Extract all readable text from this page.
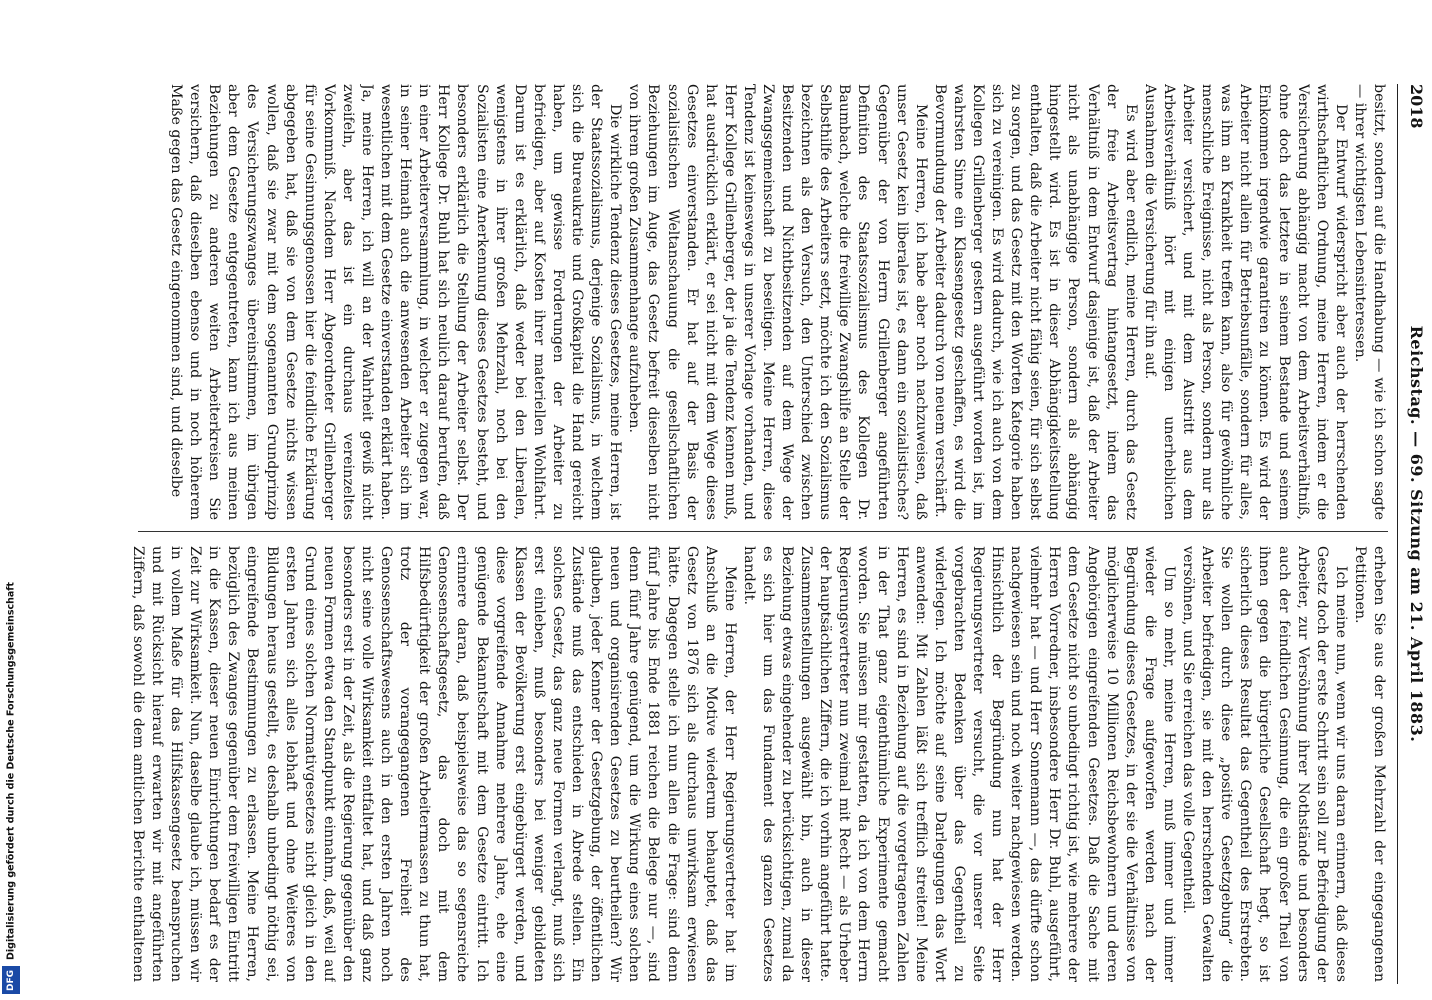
Digitalisierung gefördert durch die Deutsche Forschungsgemeinschaft
DFG
2018
Reichstag. — 69. Sitzung am 21. April 1883.

besitzt, sondern auf die Handhabung — wie ich schon sagte — ihrer wichtigsten Lebensinteressen.

Der Entwurf widerspricht aber auch der herrschenden wirthschaftlichen Ordnung, meine Herren, indem er die Versicherung abhängig macht von dem Arbeitsverhältniß, ohne doch das letztere in seinem Bestande und seinem Einkommen irgendwie garantiren zu können. Es wird der Arbeiter nicht allein für Betriebsunfälle, sondern für alles, was ihm an Krankheit treffen kann, also für gewöhnliche menschliche Ereignisse, nicht als Person, sondern nur als Arbeiter versichert, und mit dem Austritt aus dem Arbeitsverhältniß hört mit einigen unerheblichen Ausnahmen die Versicherung für ihn auf.

Es wird aber endlich, meine Herren, durch das Gesetz der freie Arbeitsvertrag hintangesetzt, indem das Verhältniß in dem Entwurf dasjenige ist, daß der Arbeiter nicht als unabhängige Person, sondern als abhängig hingestellt wird. Es ist in dieser Abhängigkeitsstellung enthalten, daß die Arbeiter nicht fähig seien, für sich selbst zu sorgen, und das Gesetz mit den Worten Kategorie haben sich zu vereinigen. Es wird dadurch, wie ich auch von dem Kollegen Grillenberger gestern ausgeführt worden ist, im wahrsten Sinne ein Klassengesetz geschaffen, es wird die Bevormundung der Arbeiter dadurch von neuem verschärft.

Meine Herren, ich habe aber noch nachzuweisen, daß unser Gesetz kein liberales ist, es dann ein sozialistisches? Gegenüber der von Herrn Grillenberger angeführten Definition des Staatssozialismus des Kollegen Dr. Baumbach, welche die freiwillige Zwangshilfe an Stelle der Selbsthilfe des Arbeiters setzt, möchte ich den Sozialismus bezeichnen als den Versuch, den Unterschied zwischen Besitzenden und Nichtbesitzenden auf dem Wege der Zwangsgemeinschaft zu beseitigen. Meine Herren, diese Tendenz ist keineswegs in unserer Vorlage vorhanden, und Herr Kollege Grillenberger, der ja die Tendenz kennen muß, hat ausdrücklich erklärt, er sei nicht mit dem Wege dieses Gesetzes einverstanden. Er hat auf der Basis der sozialistischen Weltanschauung die gesellschaftlichen Beziehungen im Auge, das Gesetz befreit dieselben nicht von ihrem großen Zusammenhange aufzuheben.

Die wirkliche Tendenz dieses Gesetzes, meine Herren, ist der Staatssozialismus, derjenige Sozialismus, in welchem sich die Bureaukratie und Großkapital die Hand gereicht haben, um gewisse Forderungen der Arbeiter zu befriedigen, aber auf Kosten ihrer materiellen Wohlfahrt. Darum ist es erklärlich, daß weder bei den Liberalen, wenigstens in ihrer großen Mehrzahl, noch bei den Sozialisten eine Anerkennung dieses Gesetzes besteht, und besonders erklärlich die Stellung der Arbeiter selbst. Der Herr Kollege Dr. Buhl hat sich neulich darauf berufen, daß in einer Arbeiterversammlung, in welcher er zugegen war, in seiner Heimath auch die anwesenden Arbeiter sich im wesentlichen mit dem Gesetze einverstanden erklärt haben. Ja, meine Herren, ich will an der Wahrheit gewiß nicht zweifeln, aber das ist ein durchaus vereinzeltes Vorkommniß. Nachdem Herr Abgeordneter Grillenberger für seine Gesinnungsgenossen hier die feindliche Erklärung abgegeben hat, daß sie von dem Gesetze nichts wissen wollen, daß sie zwar mit dem sogenannten Grundprinzip des Versicherungszwanges übereinstimmen, im übrigen aber dem Gesetze entgegentreten, kann ich aus meinen Beziehungen zu anderen weiten Arbeiterkreisen Sie versichern, daß dieselben ebenso und in noch höherem Maße gegen das Gesetz eingenommen sind, und dieselbe

erheben Sie aus der großen Mehrzahl der eingegangenen Petitionen.

Ich meine nun, wenn wir uns daran erinnern, daß dieses Gesetz doch der erste Schritt sein soll zur Befriedigung der Arbeiter, zur Versöhnung ihrer Nothstände und besonders auch der feindlichen Gesinnung, die ein großer Theil von ihnen gegen die bürgerliche Gesellschaft hegt, so ist sicherlich dieses Resultat das Gegentheil des Erstrebten. Sie wollen durch diese „positive Gesetzgebung“ die Arbeiter befriedigen, sie mit den herrschenden Gewalten versöhnen, und Sie erreichen das volle Gegentheil.

Um so mehr, meine Herren, muß immer und immer wieder die Frage aufgeworfen werden nach der Begründung dieses Gesetzes, in der sie die Verhältnisse von möglicherweise 10 Millionen Reichsbewohnern und deren Angehörigen eingreifenden Gesetzes. Daß die Sache mit dem Gesetze nicht so unbedingt richtig ist, wie mehrere der Herren Vorredner, insbesondere Herr Dr. Buhl, ausgeführt, vielmehr hat — und Herr Sonnemann —, das dürfte schon nachgewiesen sein und noch weiter nachgewiesen werden. Hinsichtlich der Begründung nun hat der Herr Regierungsvertreter versucht, die vor unserer Seite vorgebrachten Bedenken über das Gegentheil zu widerlegen. Ich möchte auf seine Darlegungen das Wort anwenden: Mit Zahlen läßt sich trefflich streiten! Meine Herren, es sind in Beziehung auf die vorgetragenen Zahlen in der That ganz eigenthümliche Experimente gemacht worden. Sie müssen mir gestatten, da ich von dem Herrn Regierungsvertreter nun zweimal mit Recht — als Urheber der hauptsächlichen Ziffern, die ich vorhin angeführt hatte. Zusammenstellungen ausgewählt bin, auch in dieser Beziehung etwas eingehender zu berücksichtigen, zumal da es sich hier um das Fundament des ganzen Gesetzes handelt.

Meine Herren, der Herr Regierungsvertreter hat im Anschluß an die Motive wiederum behauptet, daß das Gesetz von 1876 sich als durchaus unwirksam erwiesen hätte. Dagegen stelle ich nun allen die Frage: sind denn fünf Jahre bis Ende 1881 reichen die Belege nur —, sind denn fünf Jahre genügend, um die Wirkung eines solchen neuen und organisirenden Gesetzes zu beurtheilen? Wir glauben, jeder Kenner der Gesetzgebung, der öffentlichen Zustände muß das entschieden in Abrede stellen. Ein solches Gesetz, das ganz neue Formen verlangt, muß sich erst einleben, muß besonders bei weniger gebildeten Klassen der Bevölkerung erst eingebürgert werden, und diese vorgreifende Annahme mehrere Jahre, ehe eine genügende Bekanntschaft mit dem Gesetze eintritt. Ich erinnere daran, daß beispielsweise das so segensreiche Genossenschaftsgesetz, das doch mit dem Hilfsbedürftigkeit der großen Arbeitermassen zu thun hat, trotz der vorangegangenen Freiheit des Genossenschaftswesens auch in den ersten Jahren noch nicht seine volle Wirksamkeit entfaltet hat, und daß ganz besonders erst in der Zeit, als die Regierung gegenüber den neuen Formen etwa den Standpunkt einnahm, daß, weil auf Grund eines solchen Normativgesetzes nicht gleich in den ersten Jahren sich alles lebhaft und ohne Weiteres von Bildungen heraus gestellt, es deshalb unbedingt nöthig sei, eingreifende Bestimmungen zu erlassen. Meine Herren, bezüglich des Zwanges gegenüber dem freiwilligen Eintritt in die Kassen, dieser neuen Einrichtungen bedarf es der Zeit zur Wirksamkeit. Nun, daselbe glaube ich, müssen wir in vollem Maße für das Hilfskassengesetz beanspruchen und mit Rücksicht hierauf erwarten wir mit angeführten Ziffern, daß sowohl die dem amtlichen Berichte enthaltenen
